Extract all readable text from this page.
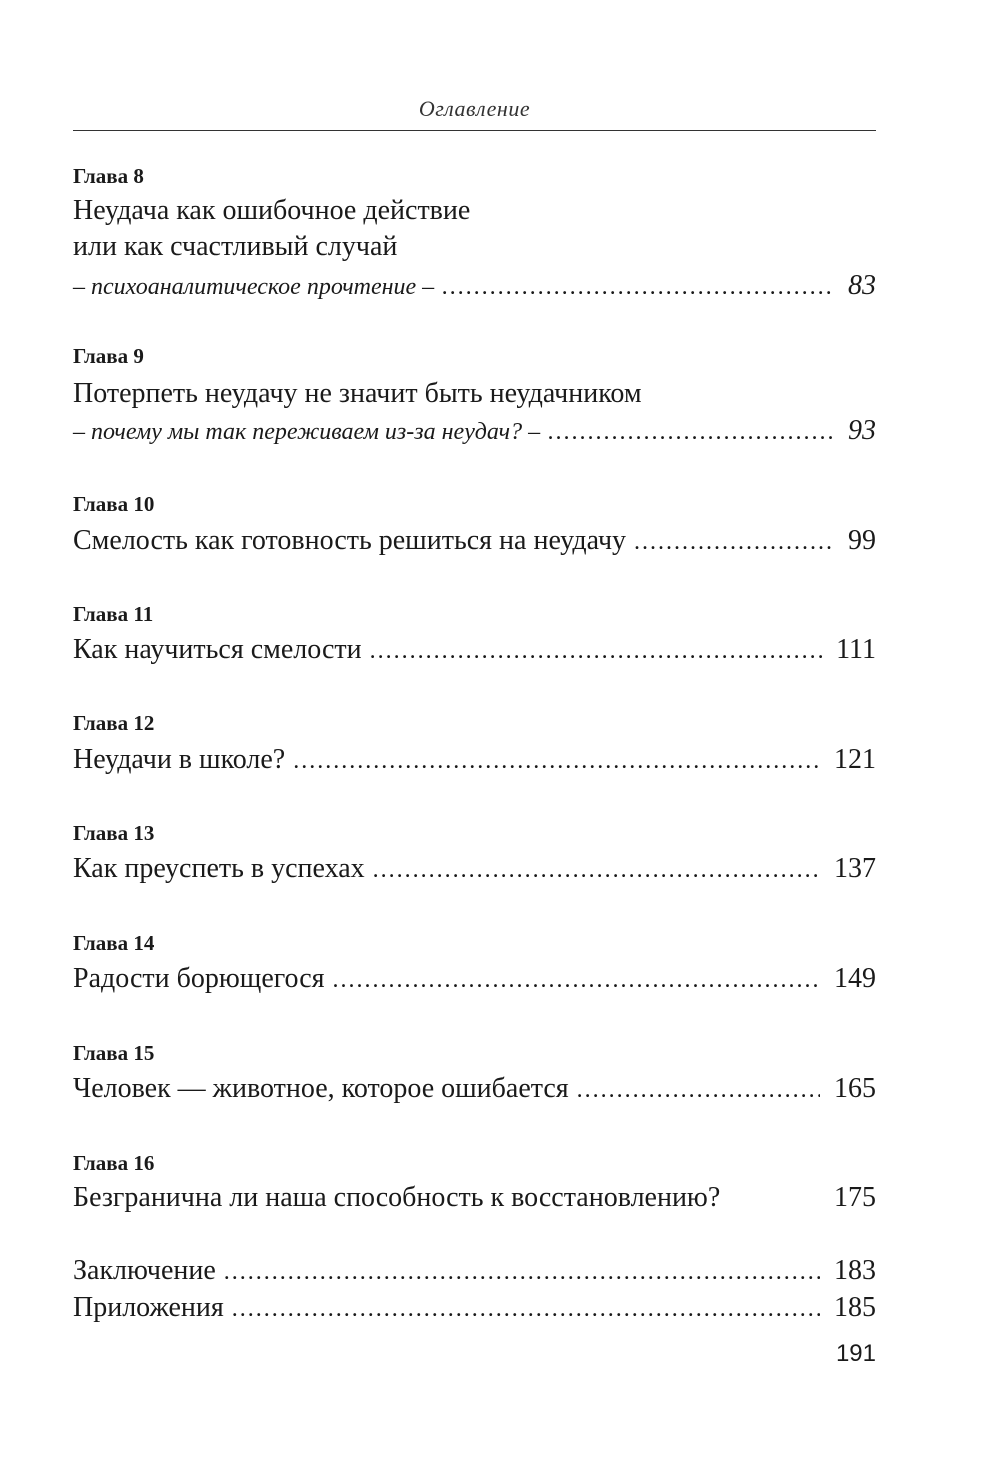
Оглавление
Глава 8
Неудача как ошибочное действие
или как счастливый случай
– психоаналитическое прочтение – .....	83
Глава 9
Потерпеть неудачу не значит быть неудачником
– почему мы так переживаем из-за неудач? – .....	93
Глава 10
Смелость как готовность решиться на неудачу .....	99
Глава 11
Как научиться смелости .....	111
Глава 12
Неудачи в школе? .....	121
Глава 13
Как преуспеть в успехах .....	137
Глава 14
Радости борющегося .....	149
Глава 15
Человек — животное, которое ошибается .....	165
Глава 16
Безгранична ли наша способность к восстановлению?	175
Заключение .....	183
Приложения .....	185
191
